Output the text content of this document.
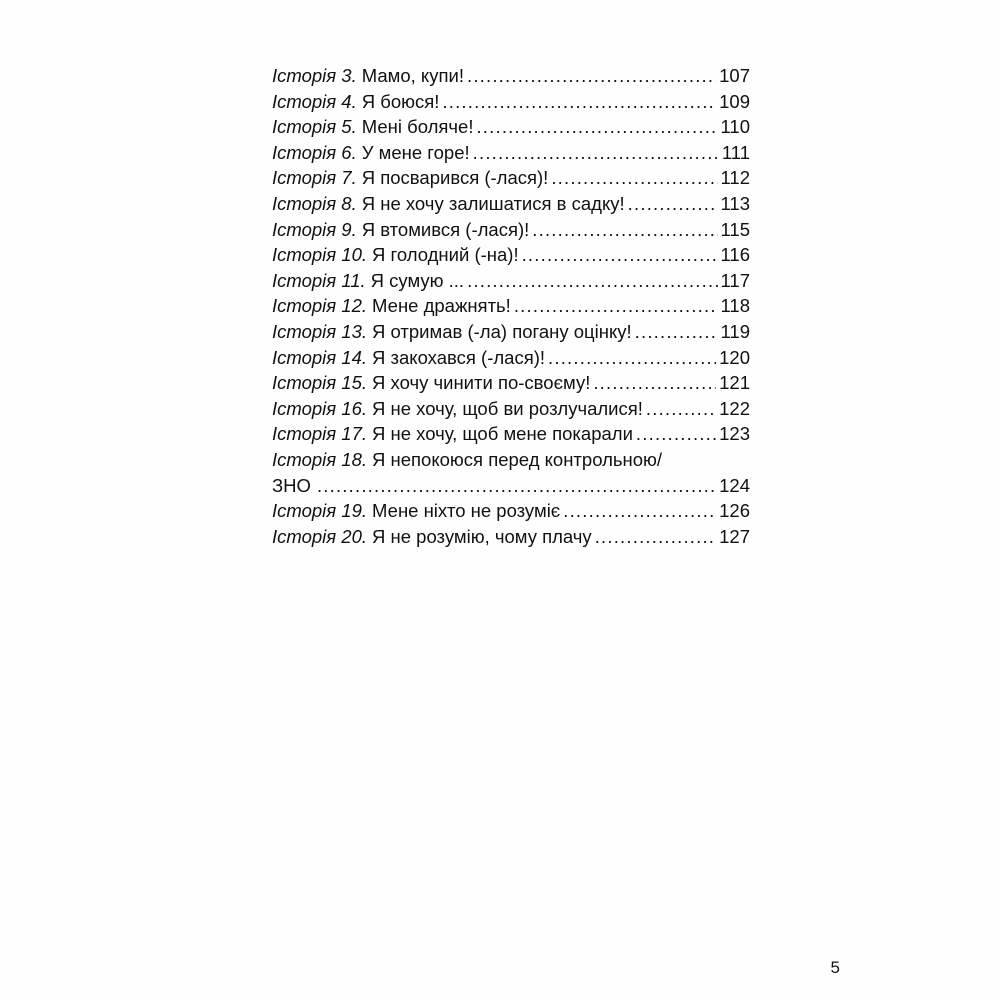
Історія 3. Мамо, купи! .....	107
Історія 4. Я боюся! .....	109
Історія 5. Мені боляче! .....	110
Історія 6. У мене горе! .....	111
Історія 7. Я посварився (-лася)! .....	112
Історія 8. Я не хочу залишатися в садку! .....	113
Історія 9. Я втомився (-лася)! .....	115
Історія 10. Я голодний (-на)! .....	116
Історія 11. Я сумую ... .....	117
Історія 12. Мене дражнять! .....	118
Історія 13. Я отримав (-ла) погану оцінку! .....	119
Історія 14. Я закохався (-лася)! .....	120
Історія 15. Я хочу чинити по-своєму! .....	121
Історія 16. Я не хочу, щоб ви розлучалися! .....	122
Історія 17. Я не хочу, щоб мене покарали .....	123
Історія 18. Я непокоюся перед контрольною/
ЗНО .....	124
Історія 19. Мене ніхто не розуміє .....	126
Історія 20. Я не розумію, чому плачу .....	127
5
